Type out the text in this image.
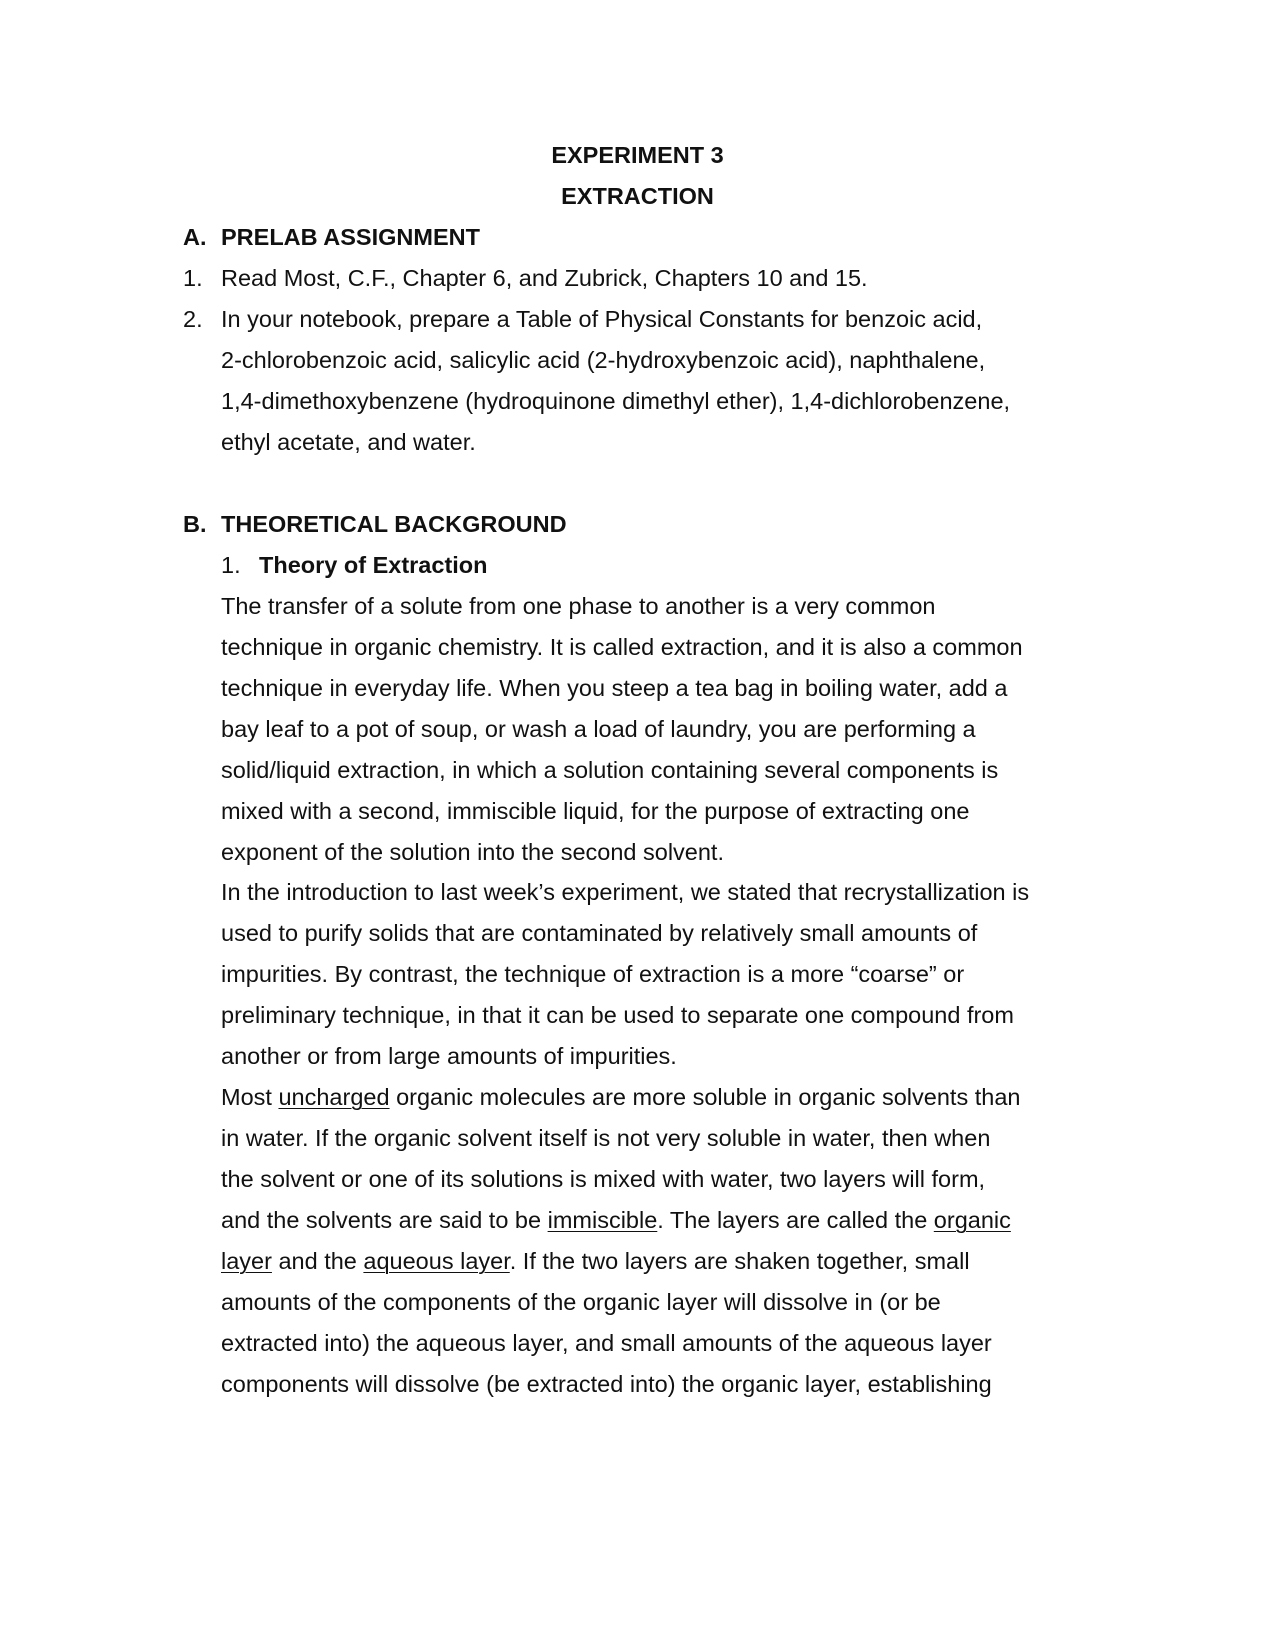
EXPERIMENT 3
EXTRACTION
A. PRELAB ASSIGNMENT
1. Read Most, C.F., Chapter 6, and Zubrick, Chapters 10 and 15.
2. In your notebook, prepare a Table of Physical Constants for benzoic acid,
2-chlorobenzoic acid, salicylic acid (2-hydroxybenzoic acid), naphthalene,
1,4-dimethoxybenzene (hydroquinone dimethyl ether), 1,4-dichlorobenzene,
ethyl acetate, and water.
B. THEORETICAL BACKGROUND
1. Theory of Extraction
The transfer of a solute from one phase to another is a very common
technique in organic chemistry. It is called extraction, and it is also a common
technique in everyday life. When you steep a tea bag in boiling water, add a
bay leaf to a pot of soup, or wash a load of laundry, you are performing a
solid/liquid extraction, in which a solution containing several components is
mixed with a second, immiscible liquid, for the purpose of extracting one
exponent of the solution into the second solvent.
In the introduction to last week’s experiment, we stated that recrystallization is
used to purify solids that are contaminated by relatively small amounts of
impurities. By contrast, the technique of extraction is a more “coarse” or
preliminary technique, in that it can be used to separate one compound from
another or from large amounts of impurities.
Most uncharged organic molecules are more soluble in organic solvents than
in water. If the organic solvent itself is not very soluble in water, then when
the solvent or one of its solutions is mixed with water, two layers will form,
and the solvents are said to be immiscible. The layers are called the organic
layer and the aqueous layer. If the two layers are shaken together, small
amounts of the components of the organic layer will dissolve in (or be
extracted into) the aqueous layer, and small amounts of the aqueous layer
components will dissolve (be extracted into) the organic layer, establishing
